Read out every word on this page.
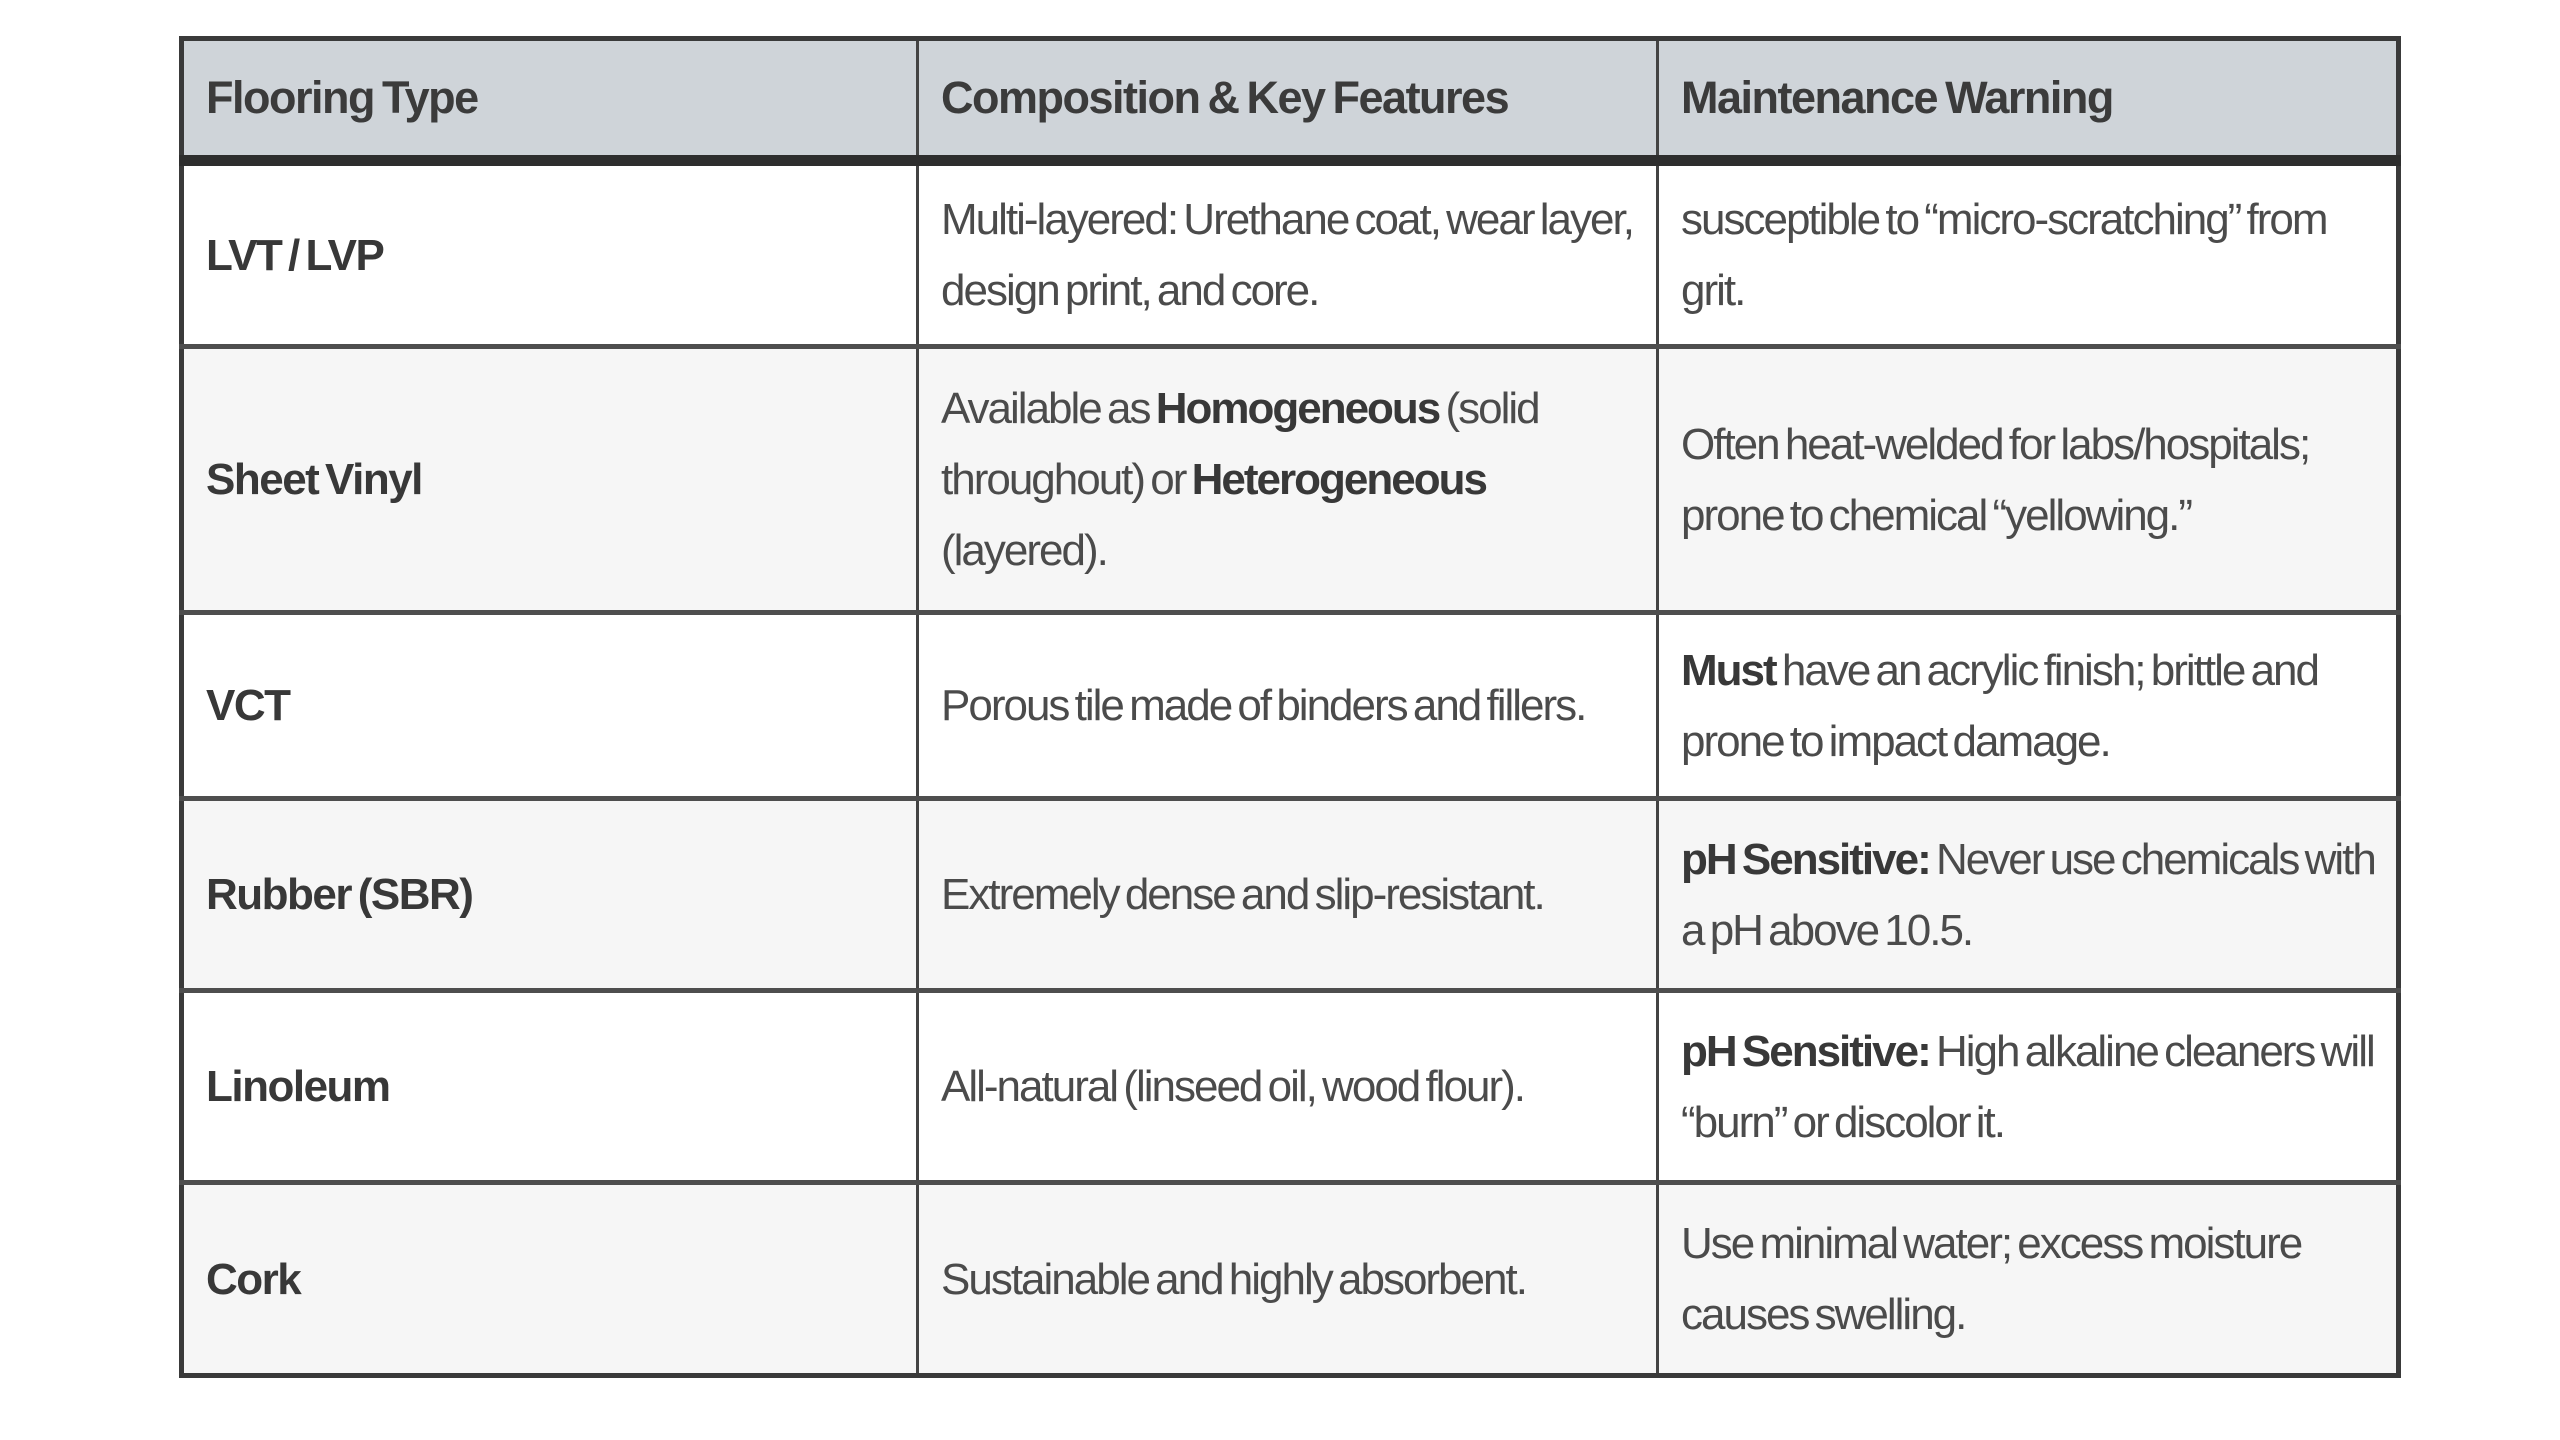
Flooring Type	Composition & Key Features	Maintenance Warning
LVT / LVP	Multi-layered: Urethane coat, wear layer, design print, and core.	susceptible to “micro-scratching” from grit.
Sheet Vinyl	Available as Homogeneous (solid throughout) or Heterogeneous (layered).	Often heat-welded for labs/hospitals; prone to chemical “yellowing.”
VCT	Porous tile made of binders and fillers.	Must have an acrylic finish; brittle and prone to impact damage.
Rubber (SBR)	Extremely dense and slip-resistant.	pH Sensitive: Never use chemicals with a pH above 10.5.
Linoleum	All-natural (linseed oil, wood flour).	pH Sensitive: High alkaline cleaners will “burn” or discolor it.
Cork	Sustainable and highly absorbent.	Use minimal water; excess moisture causes swelling.
